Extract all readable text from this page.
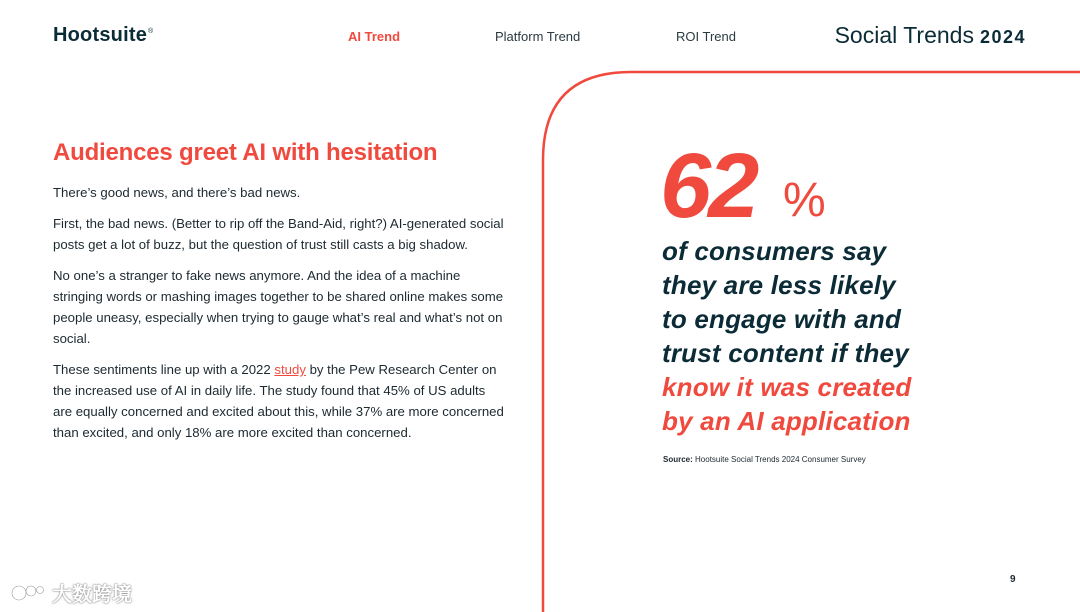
Hootsuite®	AI Trend	Platform Trend	ROI Trend	Social Trends 2024
Audiences greet AI with hesitation

There’s good news, and there’s bad news.

First, the bad news. (Better to rip off the Band-Aid, right?) AI-generated social posts get a lot of buzz, but the question of trust still casts a big shadow.

No one’s a stranger to fake news anymore. And the idea of a machine stringing words or mashing images together to be shared online makes some people uneasy, especially when trying to gauge what’s real and what’s not on social.

These sentiments line up with a 2022 study by the Pew Research Center on the increased use of AI in daily life. The study found that 45% of US adults are equally concerned and excited about this, while 37% are more concerned than excited, and only 18% are more excited than concerned.

62 %
of consumers say
they are less likely
to engage with and
trust content if they
know it was created
by an AI application
Source: Hootsuite Social Trends 2024 Consumer Survey
9
大数跨境
